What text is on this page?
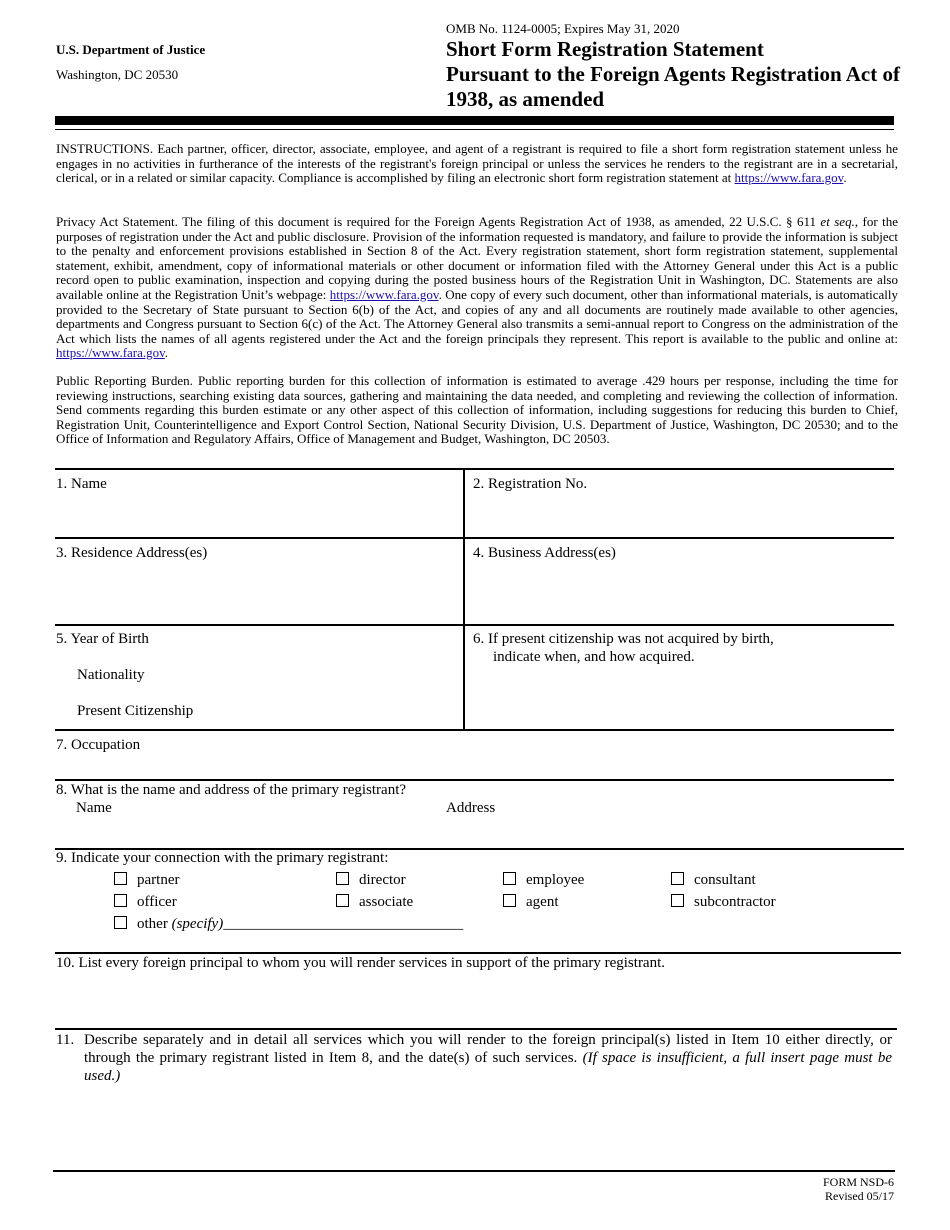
U.S. Department of Justice
Washington, DC 20530
OMB No. 1124-0005; Expires May 31, 2020
Short Form Registration Statement
Pursuant to the Foreign Agents Registration Act of
1938, as amended
INSTRUCTIONS. Each partner, officer, director, associate, employee, and agent of a registrant is required to file a short form registration statement unless he engages in no activities in furtherance of the interests of the registrant's foreign principal or unless the services he renders to the registrant are in a secretarial, clerical, or in a related or similar capacity. Compliance is accomplished by filing an electronic short form registration statement at https://www.fara.gov.
Privacy Act Statement. The filing of this document is required for the Foreign Agents Registration Act of 1938, as amended, 22 U.S.C. § 611 et seq., for the purposes of registration under the Act and public disclosure. Provision of the information requested is mandatory, and failure to provide the information is subject to the penalty and enforcement provisions established in Section 8 of the Act. Every registration statement, short form registration statement, supplemental statement, exhibit, amendment, copy of informational materials or other document or information filed with the Attorney General under this Act is a public record open to public examination, inspection and copying during the posted business hours of the Registration Unit in Washington, DC. Statements are also available online at the Registration Unit’s webpage: https://www.fara.gov. One copy of every such document, other than informational materials, is automatically provided to the Secretary of State pursuant to Section 6(b) of the Act, and copies of any and all documents are routinely made available to other agencies, departments and Congress pursuant to Section 6(c) of the Act. The Attorney General also transmits a semi-annual report to Congress on the administration of the Act which lists the names of all agents registered under the Act and the foreign principals they represent. This report is available to the public and online at: https://www.fara.gov.
Public Reporting Burden. Public reporting burden for this collection of information is estimated to average .429 hours per response, including the time for reviewing instructions, searching existing data sources, gathering and maintaining the data needed, and completing and reviewing the collection of information. Send comments regarding this burden estimate or any other aspect of this collection of information, including suggestions for reducing this burden to Chief, Registration Unit, Counterintelligence and Export Control Section, National Security Division, U.S. Department of Justice, Washington, DC 20530; and to the Office of Information and Regulatory Affairs, Office of Management and Budget, Washington, DC 20503.
1. Name	2. Registration No.
3. Residence Address(es)	4. Business Address(es)
5. Year of Birth
Nationality
Present Citizenship
6. If present citizenship was not acquired by birth,
indicate when, and how acquired.
7. Occupation
8. What is the name and address of the primary registrant?
Name	Address
9. Indicate your connection with the primary registrant:
partner	director	employee	consultant
officer	associate	agent	subcontractor
other (specify)________________________________
10. List every foreign principal to whom you will render services in support of the primary registrant.
11. Describe separately and in detail all services which you will render to the foreign principal(s) listed in Item 10 either directly, or through the primary registrant listed in Item 8, and the date(s) of such services. (If space is insufficient, a full insert page must be used.)
FORM NSD-6
Revised 05/17
